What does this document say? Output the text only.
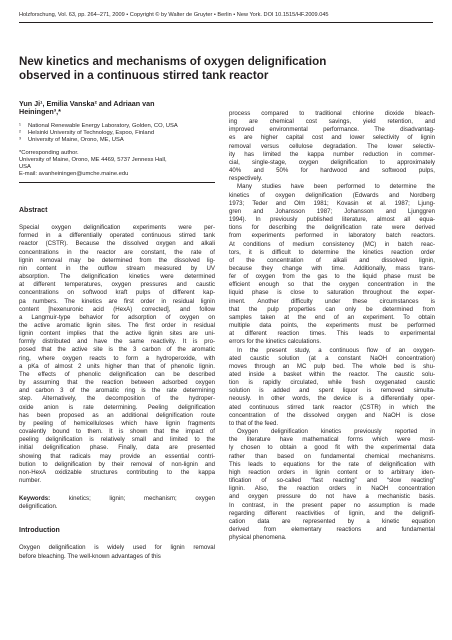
Holzforschung, Vol. 63, pp. 264–271, 2009 • Copyright © by Walter de Gruyter • Berlin • New York. DOI 10.1515/HF.2009.045
New kinetics and mechanisms of oxygen delignification
observed in a continuous stirred tank reactor

Yun Ji¹, Emilia Vanska² and Adriaan van
Heiningen³,*

¹	National Renewable Energy Laboratory, Golden, CO, USA
²	Helsinki University of Technology, Espoo, Finland
³	University of Maine, Orono, ME, USA
*Corresponding author.
University of Maine, Orono, ME 4469, 5737 Jenness Hall,
USA
E-mail: avanheiningen@umche.maine.edu
Abstract

Special oxygen delignification experiments were per-
formed in a differentially operated continuous stirred tank
reactor (CSTR). Because the dissolved oxygen and alkali
concentrations in the reactor are constant, the rate of
lignin removal may be determined from the dissolved lig-
nin content in the outflow stream measured by UV
absorption. The delignification kinetics were determined
at different temperatures, oxygen pressures and caustic
concentrations on softwood kraft pulps of different kap-
pa numbers. The kinetics are first order in residual lignin
content [hexenuronic acid (HexA) corrected], and follow
a Langmuir-type behavior for adsorption of oxygen on
the active aromatic lignin sites. The first order in residual
lignin content implies that the active lignin sites are uni-
formly distributed and have the same reactivity. It is pro-
posed that the active site is the 3 carbon of the aromatic
ring, where oxygen reacts to form a hydroperoxide, with
a pKa of almost 2 units higher than that of phenolic lignin.
The effects of phenolic delignification can be described
by assuming that the reaction between adsorbed oxygen
and carbon 3 of the aromatic ring is the rate determining
step. Alternatively, the decomposition of the hydroper-
oxide anion is rate determining. Peeling delignification
has been proposed as an additional delignification route
by peeling of hemicelluloses which have lignin fragments
covalently bound to them. It is shown that the impact of
peeling delignification is relatively small and limited to the
initial delignification phase. Finally, data are presented
showing that radicals may provide an essential contri-
bution to delignification by their removal of non-lignin and
non-HexA oxidizable structures contributing to the kappa
number.

Keywords: kinetics; lignin; mechanism; oxygen
delignification.

Introduction

Oxygen delignification is widely used for lignin removal
before bleaching. The well-known advantages of this

process compared to traditional chlorine dioxide bleach-
ing are chemical cost savings, yield retention, and
improved environmental performance. The disadvantag-
es are higher capital cost and lower selectivity of lignin
removal versus cellulose degradation. The lower selectiv-
ity has limited the kappa number reduction in commer-
cial, single-stage, oxygen delignification to approximately
40% and 50% for hardwood and softwood pulps,
respectively.

Many studies have been performed to determine the
kinetics of oxygen delignification (Edwards and Nordberg
1973; Teder and Olm 1981; Kovasin et al. 1987; Ljung-
gren and Johansson 1987; Johansson and Ljunggren
1994). In previously published literature, almost all equa-
tions for describing the delignification rate were derived
from experiments performed in laboratory batch reactors.
At conditions of medium consistency (MC) in batch reac-
tors, it is difficult to determine the kinetics reaction order
of the concentration of alkali and dissolved lignin,
because they change with time. Additionally, mass trans-
fer of oxygen from the gas to the liquid phase must be
efficient enough so that the oxygen concentration in the
liquid phase is close to saturation throughout the exper-
iment. Another difficulty under these circumstances is
that the pulp properties can only be determined from
samples taken at the end of an experiment. To obtain
multiple data points, the experiments must be performed
at different reaction times. This leads to experimental
errors for the kinetics calculations.

In the present study, a continuous flow of an oxygen-
ated caustic solution (at a constant NaOH concentration)
moves through an MC pulp bed. The whole bed is shu-
ated inside a basket within the reactor. The caustic solu-
tion is rapidly circulated, while fresh oxygenated caustic
solution is added and spent liquor is removed simulta-
neously. In other words, the device is a differentially oper-
ated continuous stirred tank reactor (CSTR) in which the
concentration of the dissolved oxygen and NaOH is close
to that of the feed.

Oxygen delignification kinetics previously reported in
the literature have mathematical forms which were most-
ly chosen to obtain a good fit with the experimental data
rather than based on fundamental chemical mechanisms.
This leads to equations for the rate of delignification with
high reaction orders in lignin content or to arbitrary iden-
tification of so-called “fast reacting” and “slow reacting”
lignin. Also, the reaction orders in NaOH concentration
and oxygen pressure do not have a mechanistic basis.
In contrast, in the present paper no assumption is made
regarding different reactivities of lignin, and the delignifi-
cation data are represented by a kinetic equation
derived from elementary reactions and fundamental
physical phenomena.
